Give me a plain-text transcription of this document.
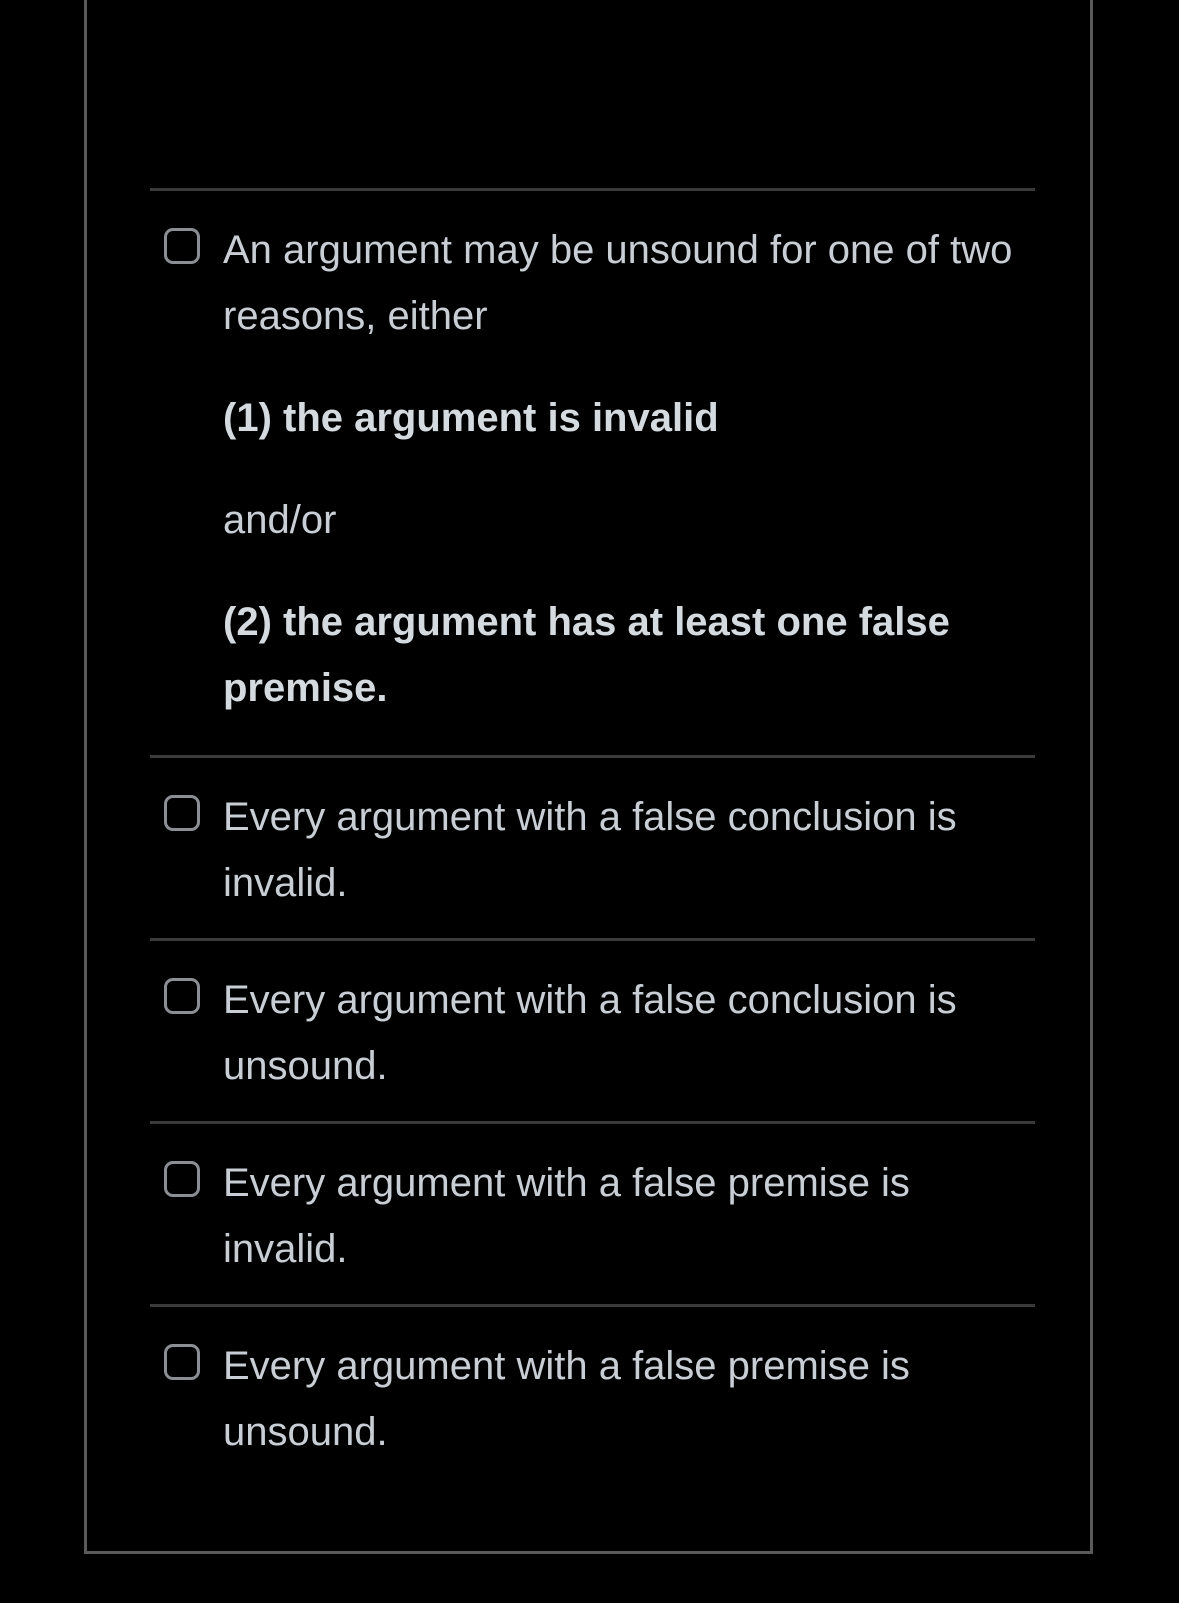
An argument may be unsound for one of two reasons, either

(1) the argument is invalid

and/or

(2) the argument has at least one false premise.

Every argument with a false conclusion is invalid.

Every argument with a false conclusion is unsound.

Every argument with a false premise is invalid.

Every argument with a false premise is unsound.
